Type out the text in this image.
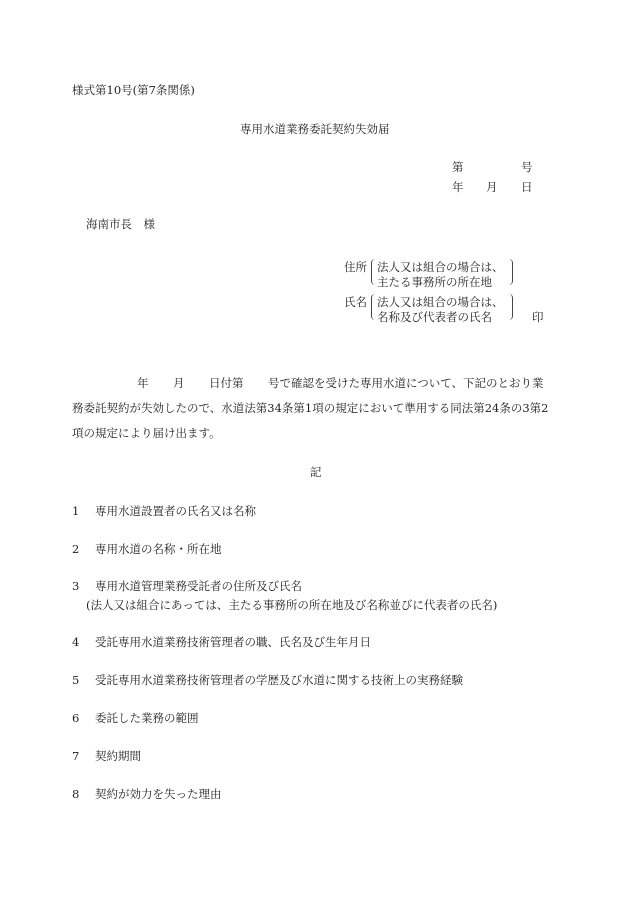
様式第10号(第7条関係)
専用水道業務委託契約失効届
第	号
年 月 日
海南市長　様
住所 法人又は組合の場合は、
主たる事務所の所在地
氏名 法人又は組合の場合は、
名称及び代表者の氏名	印
年 月 日付第 号で確認を受けた専用水道について、下記のとおり業
務委託契約が失効したので、水道法第34条第1項の規定において準用する同法第24条の3第2
項の規定により届け出ます。
記
1 専用水道設置者の氏名又は名称
2 専用水道の名称・所在地
3 専用水道管理業務受託者の住所及び氏名
(法人又は組合にあっては、主たる事務所の所在地及び名称並びに代表者の氏名)
4 受託専用水道業務技術管理者の職、氏名及び生年月日
5 受託専用水道業務技術管理者の学歴及び水道に関する技術上の実務経験
6 委託した業務の範囲
7 契約期間
8 契約が効力を失った理由
